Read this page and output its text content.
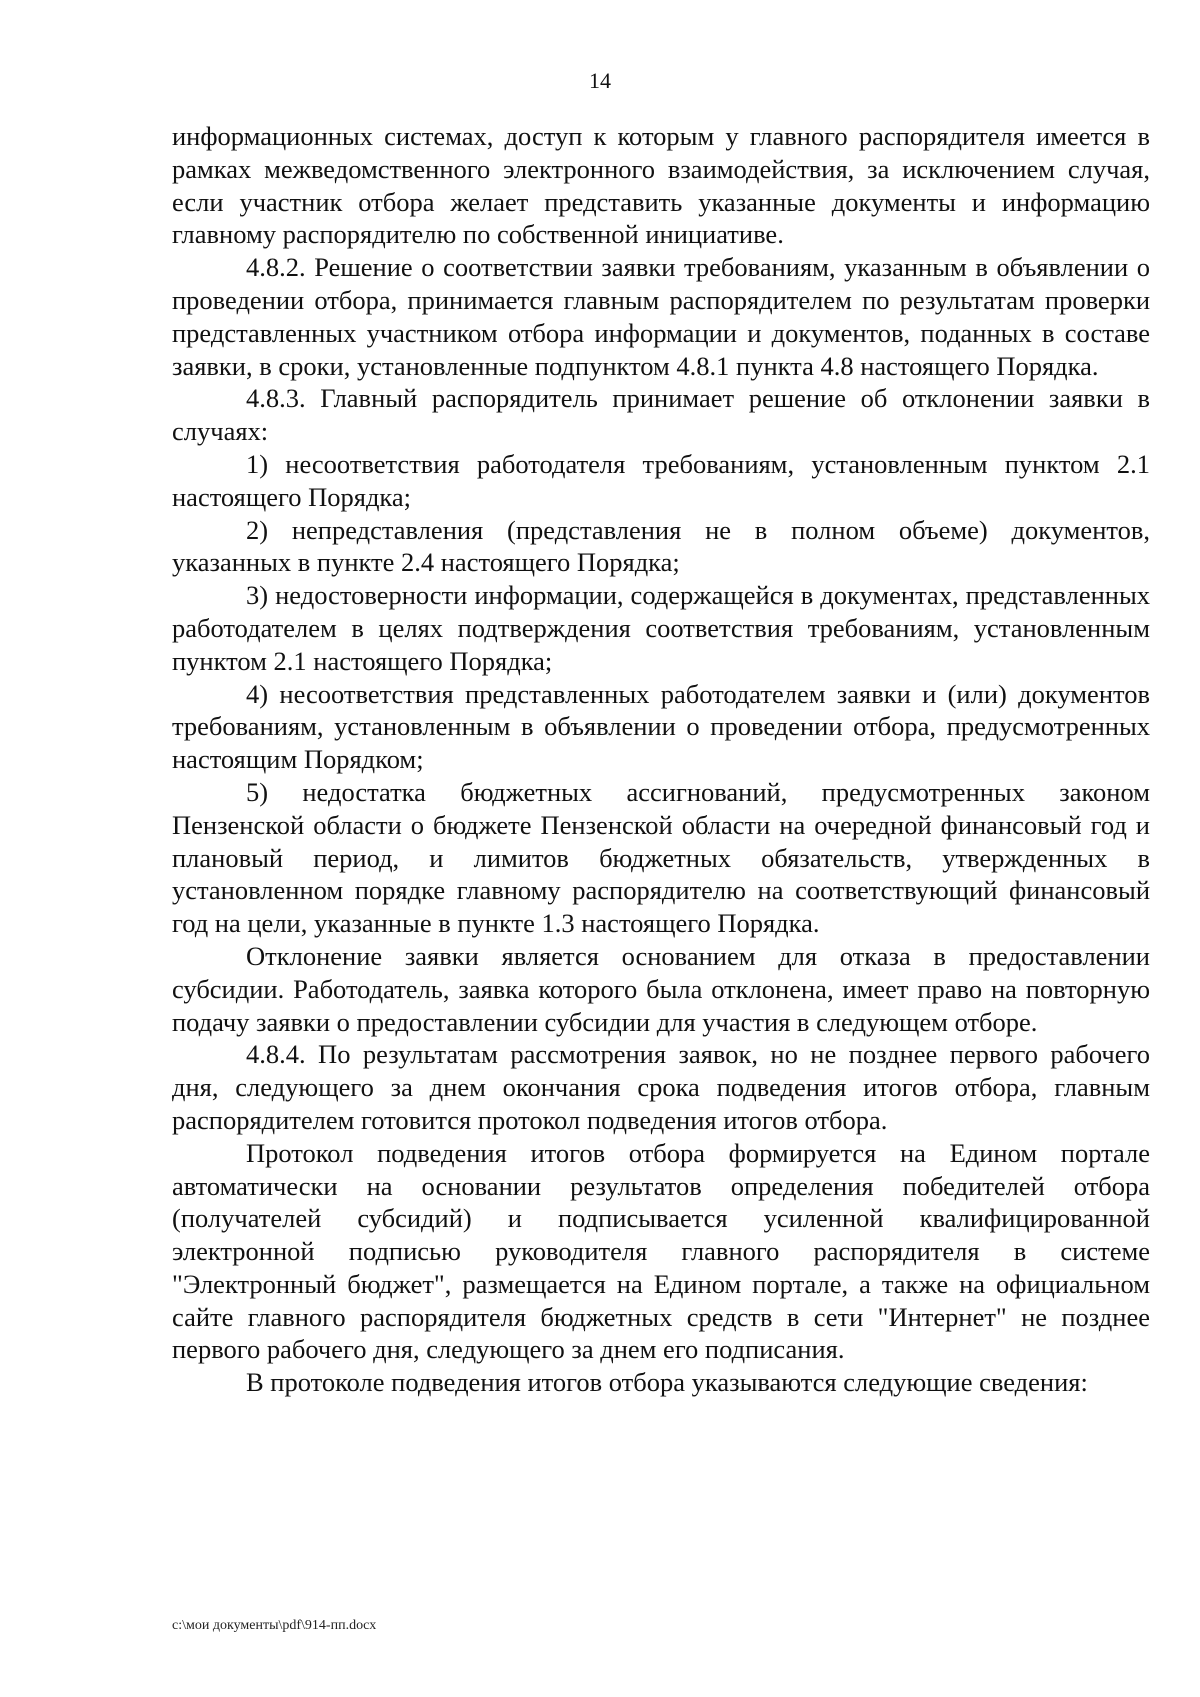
14

информационных системах, доступ к которым у главного распорядителя имеется в рамках межведомственного электронного взаимодействия, за исключением случая, если участник отбора желает представить указанные документы и информацию главному распорядителю по собственной инициативе.

4.8.2. Решение о соответствии заявки требованиям, указанным в объявлении о проведении отбора, принимается главным распорядителем по результатам проверки представленных участником отбора информации и документов, поданных в составе заявки, в сроки, установленные подпунктом 4.8.1 пункта 4.8 настоящего Порядка.

4.8.3. Главный распорядитель принимает решение об отклонении заявки в случаях:

1) несоответствия работодателя требованиям, установленным пунктом 2.1 настоящего Порядка;

2) непредставления (представления не в полном объеме) документов, указанных в пункте 2.4 настоящего Порядка;

3) недостоверности информации, содержащейся в документах, представленных работодателем в целях подтверждения соответствия требованиям, установленным пунктом 2.1 настоящего Порядка;

4) несоответствия представленных работодателем заявки и (или) документов требованиям, установленным в объявлении о проведении отбора, предусмотренных настоящим Порядком;

5) недостатка бюджетных ассигнований, предусмотренных законом Пензенской области о бюджете Пензенской области на очередной финансовый год и плановый период, и лимитов бюджетных обязательств, утвержденных в установленном порядке главному распорядителю на соответствующий финансовый год на цели, указанные в пункте 1.3 настоящего Порядка.

Отклонение заявки является основанием для отказа в предоставлении субсидии. Работодатель, заявка которого была отклонена, имеет право на повторную подачу заявки о предоставлении субсидии для участия в следующем отборе.

4.8.4. По результатам рассмотрения заявок, но не позднее первого рабочего дня, следующего за днем окончания срока подведения итогов отбора, главным распорядителем готовится протокол подведения итогов отбора.

Протокол подведения итогов отбора формируется на Едином портале автоматически на основании результатов определения победителей отбора (получателей субсидий) и подписывается усиленной квалифицированной электронной подписью руководителя главного распорядителя в системе "Электронный бюджет", размещается на Едином портале, а также на официальном сайте главного распорядителя бюджетных средств в сети "Интернет" не позднее первого рабочего дня, следующего за днем его подписания.

В протоколе подведения итогов отбора указываются следующие сведения:

c:\мои документы\pdf\914-пп.docx
